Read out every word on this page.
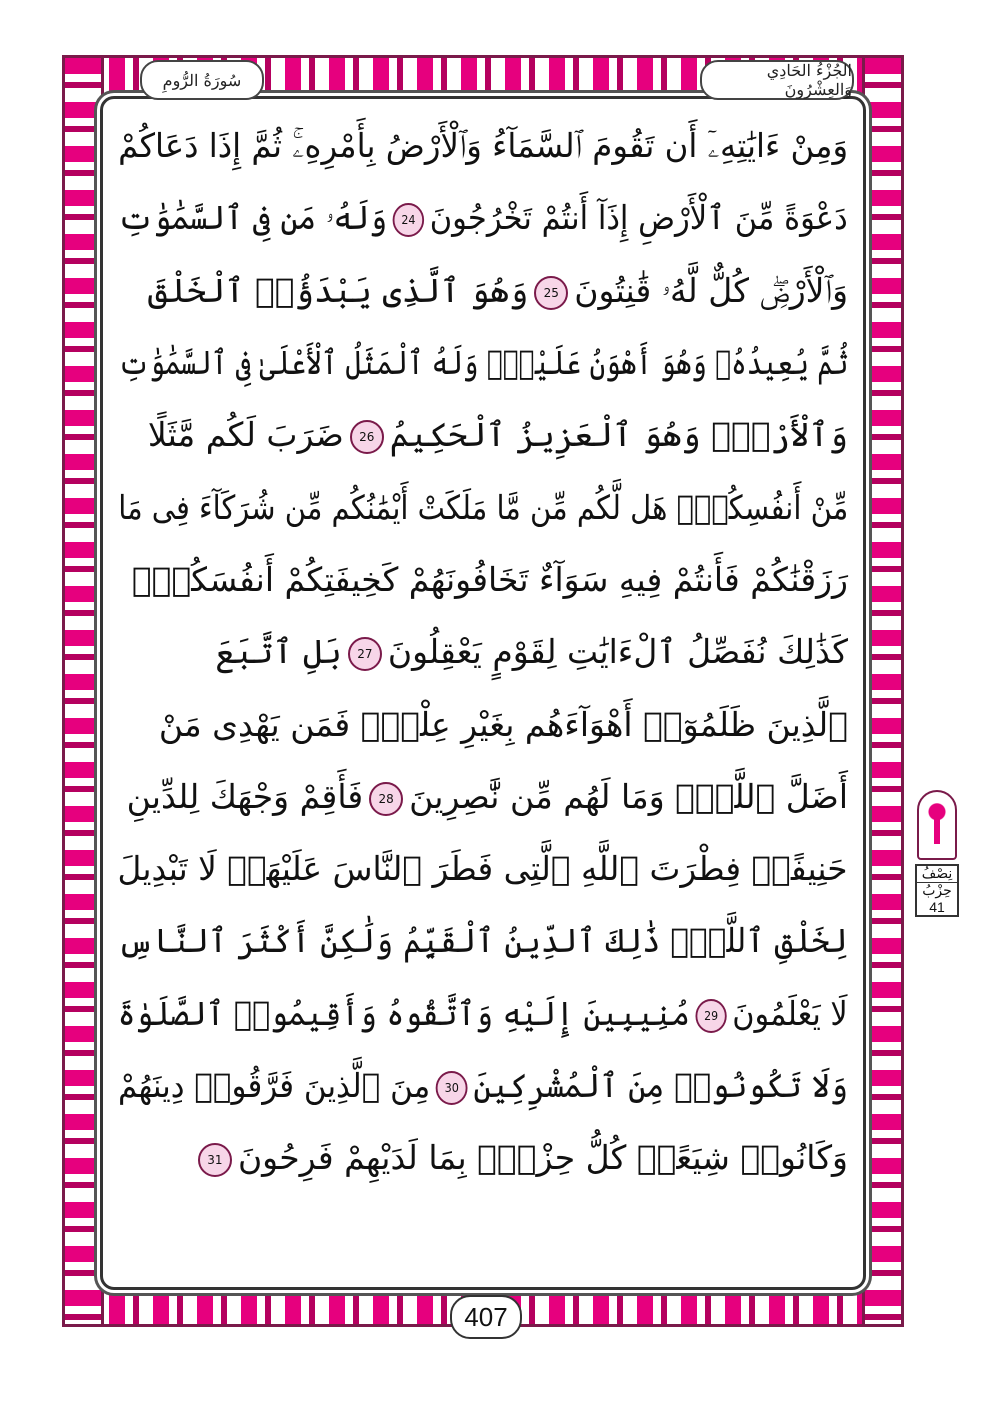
الجُزْءُ الحَادِي وَالعِشْرُونَ
سُورَةُ الرُّومِ
وَمِنْ ءَايَٰتِهِۦٓ أَن تَقُومَ ٱلسَّمَآءُ وَٱلْأَرْضُ بِأَمْرِهِۦۚ ثُمَّ إِذَا دَعَاكُمْ
دَعْوَةً مِّنَ ٱلْأَرْضِ إِذَآ أَنتُمْ تَخْرُجُونَ24وَلَهُۥ مَن فِى ٱلسَّمَٰوَٰتِ
وَٱلْأَرْضِۖ كُلٌّ لَّهُۥ قَٰنِتُونَ25وَهُوَ ٱلَّذِى يَبْدَؤُا۟ ٱلْخَلْقَ
ثُمَّ يُعِيدُهُۥ وَهُوَ أَهْوَنُ عَلَيْهِۚ وَلَهُ ٱلْمَثَلُ ٱلْأَعْلَىٰ فِى ٱلسَّمَٰوَٰتِ
وَٱلْأَرْضِۚ وَهُوَ ٱلْعَزِيزُ ٱلْحَكِيمُ26ضَرَبَ لَكُم مَّثَلًا
مِّنْ أَنفُسِكُمْۖ هَل لَّكُم مِّن مَّا مَلَكَتْ أَيْمَٰنُكُم مِّن شُرَكَآءَ فِى مَا
رَزَقْنَٰكُمْ فَأَنتُمْ فِيهِ سَوَآءٌ تَخَافُونَهُمْ كَخِيفَتِكُمْ أَنفُسَكُمْۚ
كَذَٰلِكَ نُفَصِّلُ ٱلْءَايَٰتِ لِقَوْمٍ يَعْقِلُونَ27بَلِ ٱتَّبَعَ
ٱلَّذِينَ ظَلَمُوٓا۟ أَهْوَآءَهُم بِغَيْرِ عِلْمٍۖ فَمَن يَهْدِى مَنْ
أَضَلَّ ٱللَّهُۖ وَمَا لَهُم مِّن نَّٰصِرِينَ28فَأَقِمْ وَجْهَكَ لِلدِّينِ
حَنِيفًاۚ فِطْرَتَ ٱللَّهِ ٱلَّتِى فَطَرَ ٱلنَّاسَ عَلَيْهَاۚ لَا تَبْدِيلَ
لِخَلْقِ ٱللَّهِۚ ذَٰلِكَ ٱلدِّينُ ٱلْقَيِّمُ وَلَٰكِنَّ أَكْثَرَ ٱلنَّاسِ
لَا يَعْلَمُونَ29مُنِيبِينَ إِلَيْهِ وَٱتَّقُوهُ وَأَقِيمُوا۟ ٱلصَّلَوٰةَ
وَلَا تَكُونُوا۟ مِنَ ٱلْمُشْرِكِينَ30مِنَ ٱلَّذِينَ فَرَّقُوا۟ دِينَهُمْ
وَكَانُوا۟ شِيَعًاۖ كُلُّ حِزْبٍۭ بِمَا لَدَيْهِمْ فَرِحُونَ31
407
نِصْفُ
حِزْبُ
41
